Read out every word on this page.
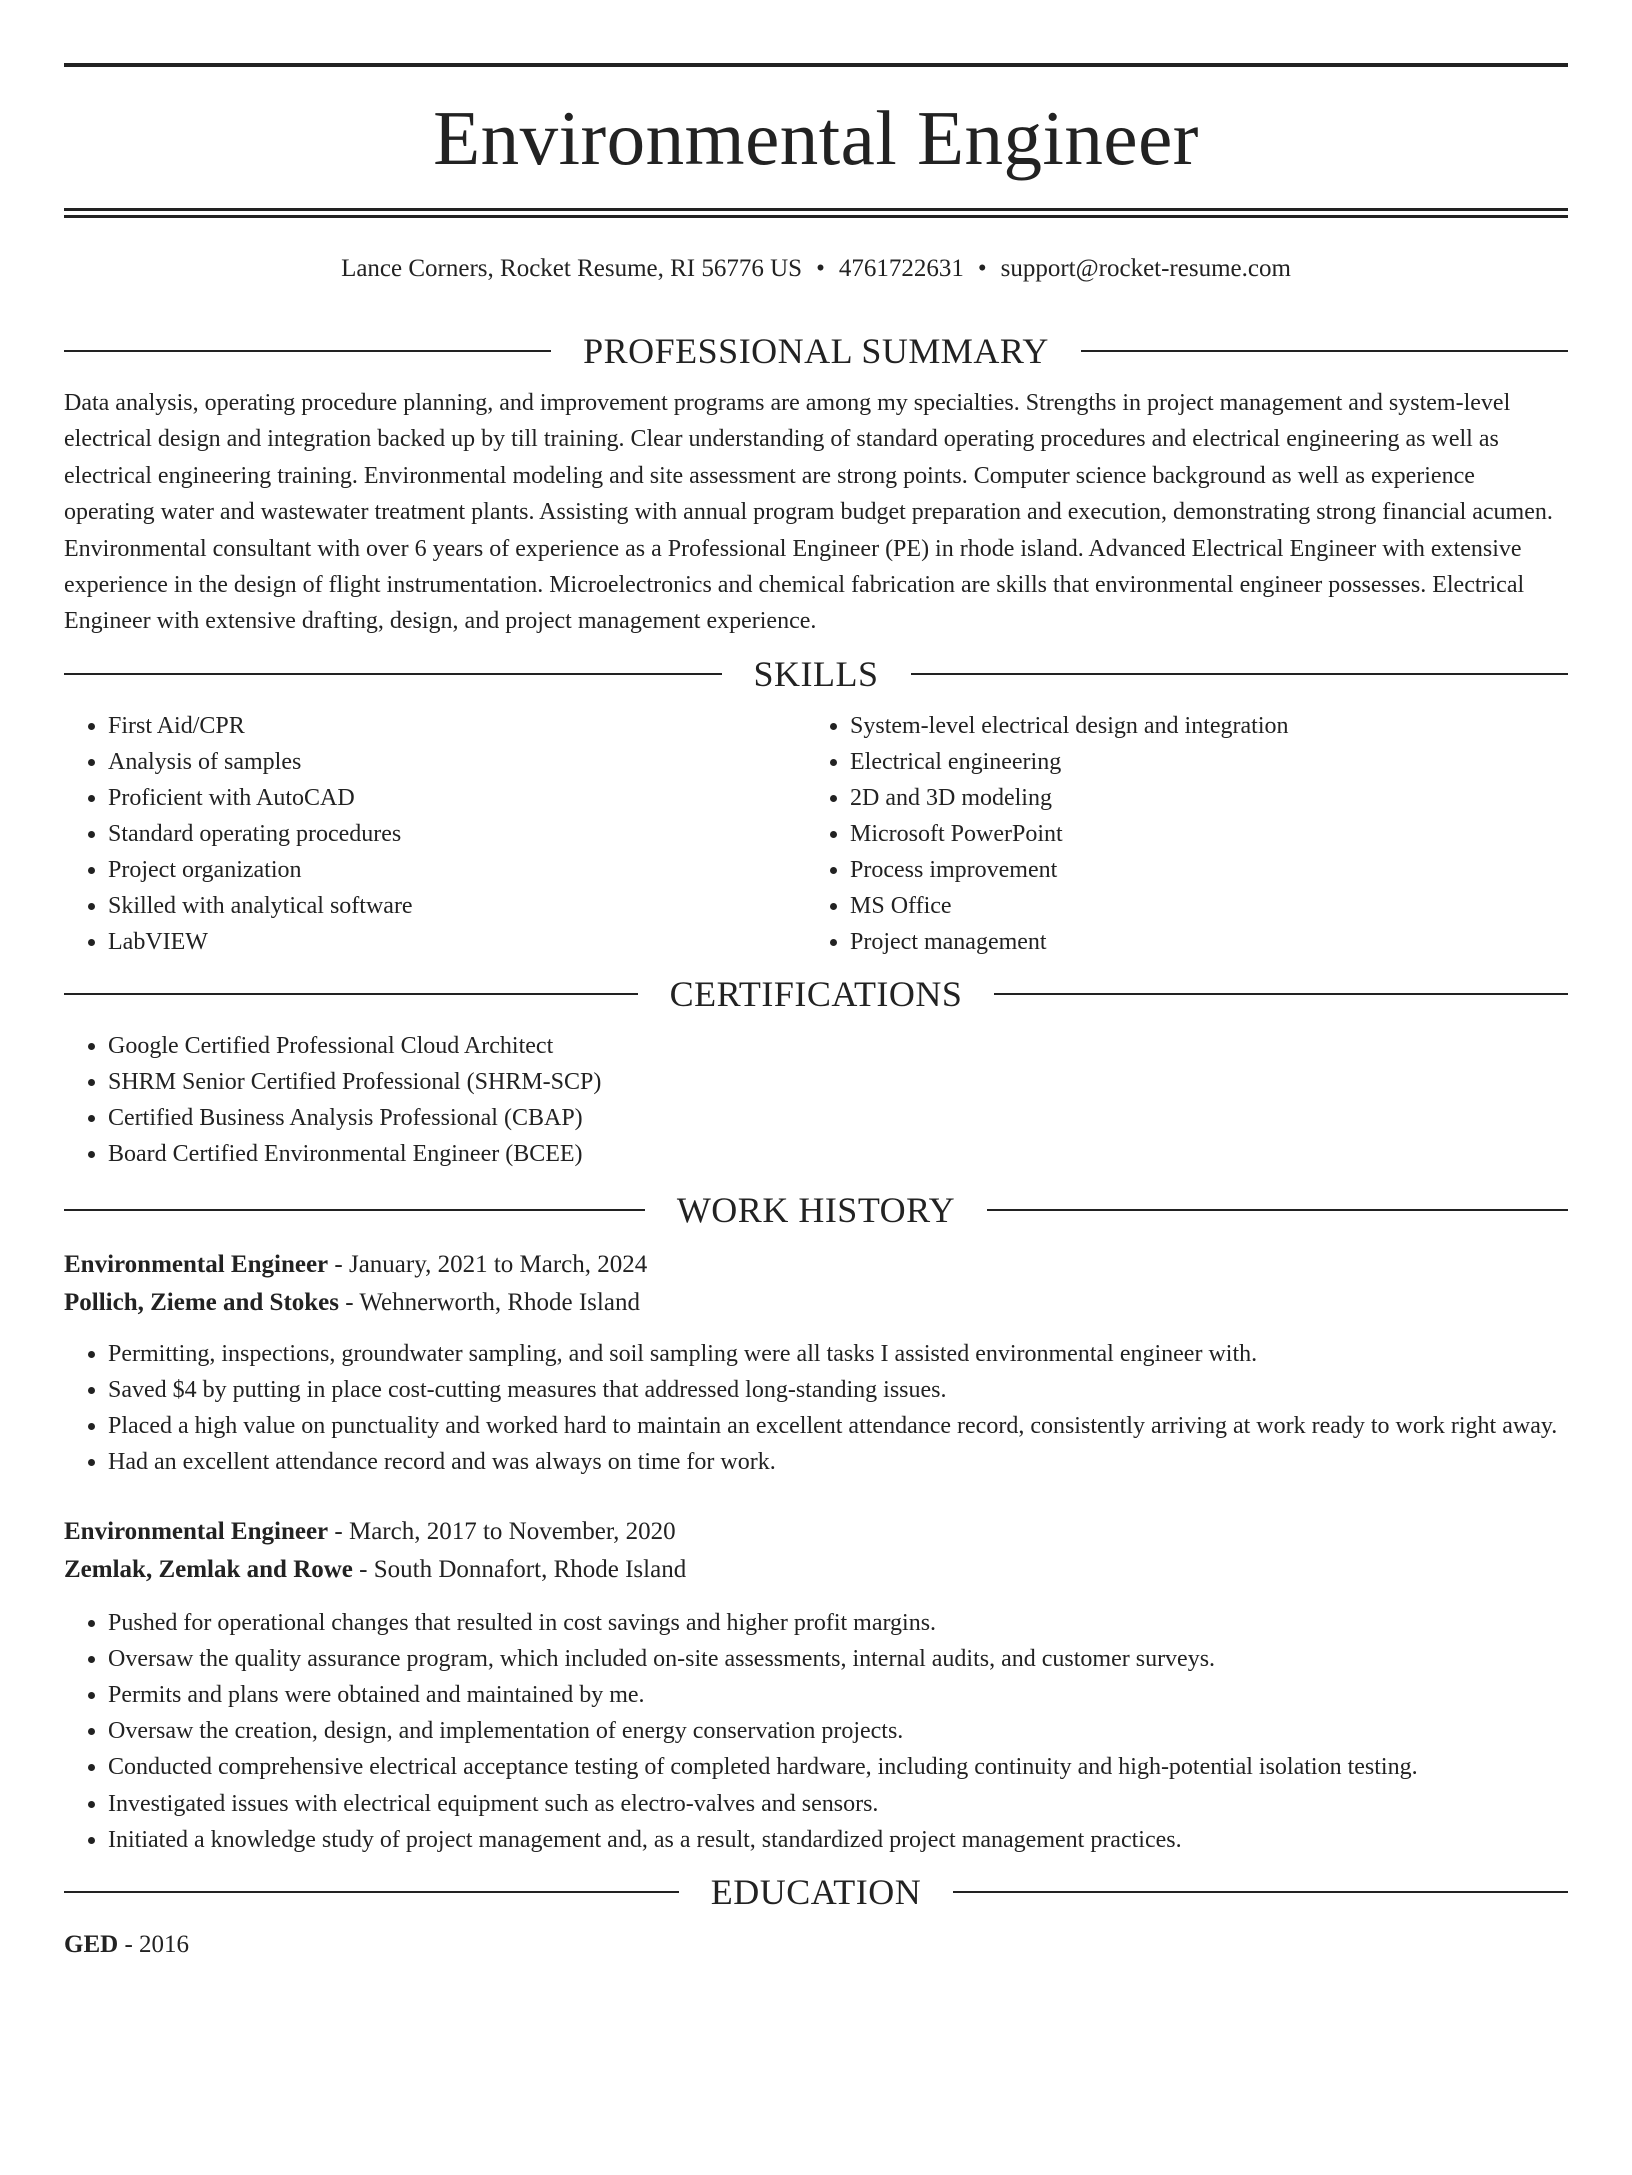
Environmental Engineer
Lance Corners, Rocket Resume, RI 56776 US • 4761722631 • support@rocket-resume.com
PROFESSIONAL SUMMARY

Data analysis, operating procedure planning, and improvement programs are among my specialties. Strengths in project management and system-level electrical design and integration backed up by till training. Clear understanding of standard operating procedures and electrical engineering as well as electrical engineering training. Environmental modeling and site assessment are strong points. Computer science background as well as experience operating water and wastewater treatment plants. Assisting with annual program budget preparation and execution, demonstrating strong financial acumen. Environmental consultant with over 6 years of experience as a Professional Engineer (PE) in rhode island. Advanced Electrical Engineer with extensive experience in the design of flight instrumentation. Microelectronics and chemical fabrication are skills that environmental engineer possesses. Electrical Engineer with extensive drafting, design, and project management experience.

SKILLS
• First Aid/CPR
• Analysis of samples
• Proficient with AutoCAD
• Standard operating procedures
• Project organization
• Skilled with analytical software
• LabVIEW
• System-level electrical design and integration
• Electrical engineering
• 2D and 3D modeling
• Microsoft PowerPoint
• Process improvement
• MS Office
• Project management
CERTIFICATIONS
• Google Certified Professional Cloud Architect
• SHRM Senior Certified Professional (SHRM-SCP)
• Certified Business Analysis Professional (CBAP)
• Board Certified Environmental Engineer (BCEE)
WORK HISTORY

Environmental Engineer - January, 2021 to March, 2024

Pollich, Zieme and Stokes - Wehnerworth, Rhode Island

• Permitting, inspections, groundwater sampling, and soil sampling were all tasks I assisted environmental engineer with.
• Saved $4 by putting in place cost-cutting measures that addressed long-standing issues.
• Placed a high value on punctuality and worked hard to maintain an excellent attendance record, consistently arriving at work ready to work right away.
• Had an excellent attendance record and was always on time for work.

Environmental Engineer - March, 2017 to November, 2020

Zemlak, Zemlak and Rowe - South Donnafort, Rhode Island

• Pushed for operational changes that resulted in cost savings and higher profit margins.
• Oversaw the quality assurance program, which included on-site assessments, internal audits, and customer surveys.
• Permits and plans were obtained and maintained by me.
• Oversaw the creation, design, and implementation of energy conservation projects.
• Conducted comprehensive electrical acceptance testing of completed hardware, including continuity and high-potential isolation testing.
• Investigated issues with electrical equipment such as electro-valves and sensors.
• Initiated a knowledge study of project management and, as a result, standardized project management practices.
EDUCATION

GED - 2016
